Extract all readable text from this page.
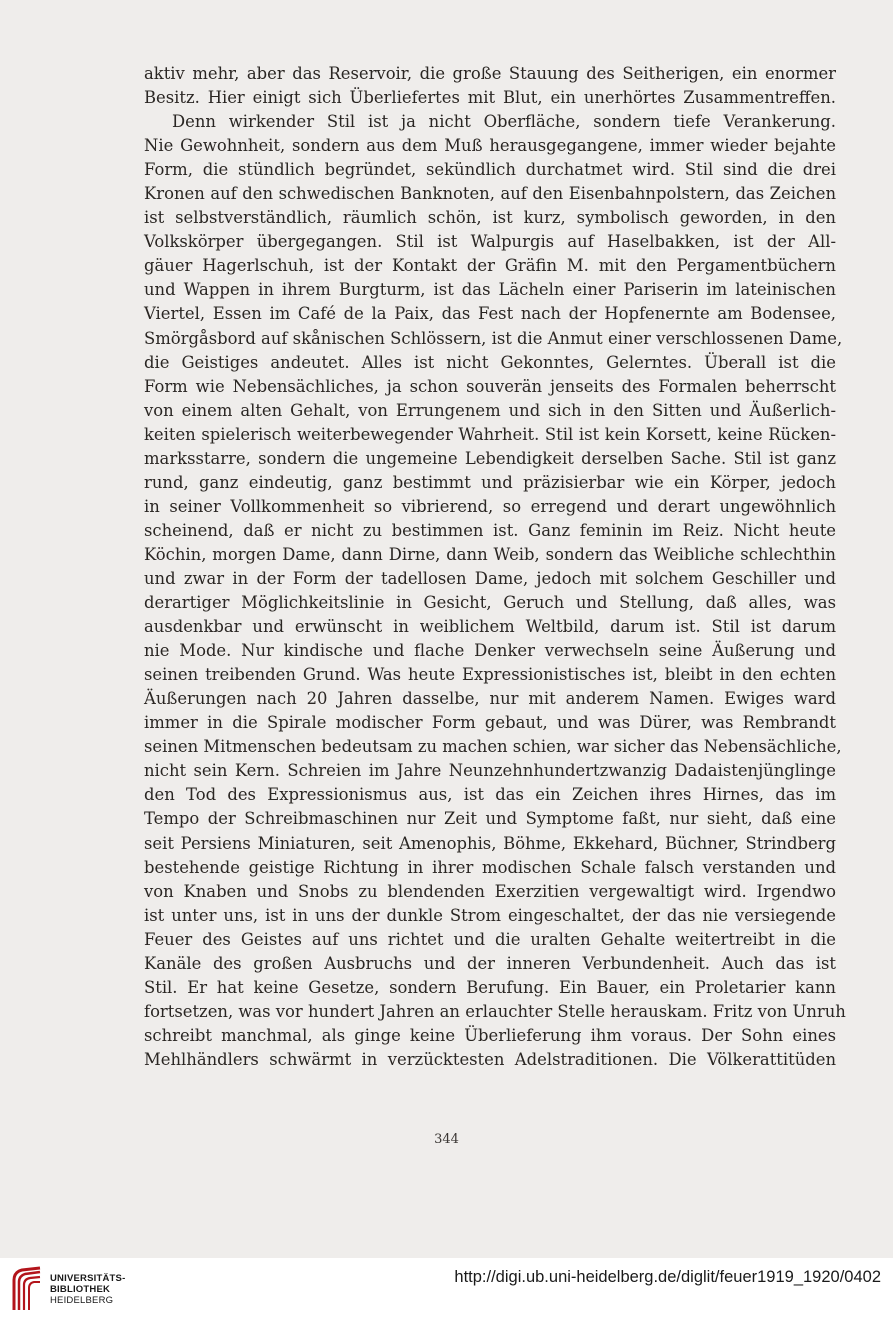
aktiv mehr, aber das Reservoir, die große Stauung des Seitherigen, ein enormer
Besitz. Hier einigt sich Überliefertes mit Blut, ein unerhörtes Zusammentreffen.
Denn wirkender Stil ist ja nicht Oberfläche, sondern tiefe Verankerung.
Nie Gewohnheit, sondern aus dem Muß herausgegangene, immer wieder bejahte
Form, die stündlich begründet, sekündlich durchatmet wird. Stil sind die drei
Kronen auf den schwedischen Banknoten, auf den Eisenbahnpolstern, das Zeichen
ist selbstverständlich, räumlich schön, ist kurz, symbolisch geworden, in den
Volkskörper übergegangen. Stil ist Walpurgis auf Haselbakken, ist der All-
gäuer Hagerlschuh, ist der Kontakt der Gräfin M. mit den Pergamentbüchern
und Wappen in ihrem Burgturm, ist das Lächeln einer Pariserin im lateinischen
Viertel, Essen im Café de la Paix, das Fest nach der Hopfenernte am Bodensee,
Smörgåsbord auf skånischen Schlössern, ist die Anmut einer verschlossenen Dame,
die Geistiges andeutet. Alles ist nicht Gekonntes, Gelerntes. Überall ist die
Form wie Nebensächliches, ja schon souverän jenseits des Formalen beherrscht
von einem alten Gehalt, von Errungenem und sich in den Sitten und Äußerlich-
keiten spielerisch weiterbewegender Wahrheit. Stil ist kein Korsett, keine Rücken-
marksstarre, sondern die ungemeine Lebendigkeit derselben Sache. Stil ist ganz
rund, ganz eindeutig, ganz bestimmt und präzisierbar wie ein Körper, jedoch
in seiner Vollkommenheit so vibrierend, so erregend und derart ungewöhnlich
scheinend, daß er nicht zu bestimmen ist. Ganz feminin im Reiz. Nicht heute
Köchin, morgen Dame, dann Dirne, dann Weib, sondern das Weibliche schlechthin
und zwar in der Form der tadellosen Dame, jedoch mit solchem Geschiller und
derartiger Möglichkeitslinie in Gesicht, Geruch und Stellung, daß alles, was
ausdenkbar und erwünscht in weiblichem Weltbild, darum ist. Stil ist darum
nie Mode. Nur kindische und flache Denker verwechseln seine Äußerung und
seinen treibenden Grund. Was heute Expressionistisches ist, bleibt in den echten
Äußerungen nach 20 Jahren dasselbe, nur mit anderem Namen. Ewiges ward
immer in die Spirale modischer Form gebaut, und was Dürer, was Rembrandt
seinen Mitmenschen bedeutsam zu machen schien, war sicher das Nebensächliche,
nicht sein Kern. Schreien im Jahre Neunzehnhundertzwanzig Dadaistenjünglinge
den Tod des Expressionismus aus, ist das ein Zeichen ihres Hirnes, das im
Tempo der Schreibmaschinen nur Zeit und Symptome faßt, nur sieht, daß eine
seit Persiens Miniaturen, seit Amenophis, Böhme, Ekkehard, Büchner, Strindberg
bestehende geistige Richtung in ihrer modischen Schale falsch verstanden und
von Knaben und Snobs zu blendenden Exerzitien vergewaltigt wird. Irgendwo
ist unter uns, ist in uns der dunkle Strom eingeschaltet, der das nie versiegende
Feuer des Geistes auf uns richtet und die uralten Gehalte weitertreibt in die
Kanäle des großen Ausbruchs und der inneren Verbundenheit. Auch das ist
Stil. Er hat keine Gesetze, sondern Berufung. Ein Bauer, ein Proletarier kann
fortsetzen, was vor hundert Jahren an erlauchter Stelle herauskam. Fritz von Unruh
schreibt manchmal, als ginge keine Überlieferung ihm voraus. Der Sohn eines
Mehlhändlers schwärmt in verzücktesten Adelstraditionen. Die Völkerattitüden
344
UNIVERSITÄTS-
BIBLIOTHEK
HEIDELBERG
http://digi.ub.uni-heidelberg.de/diglit/feuer1919_1920/0402
